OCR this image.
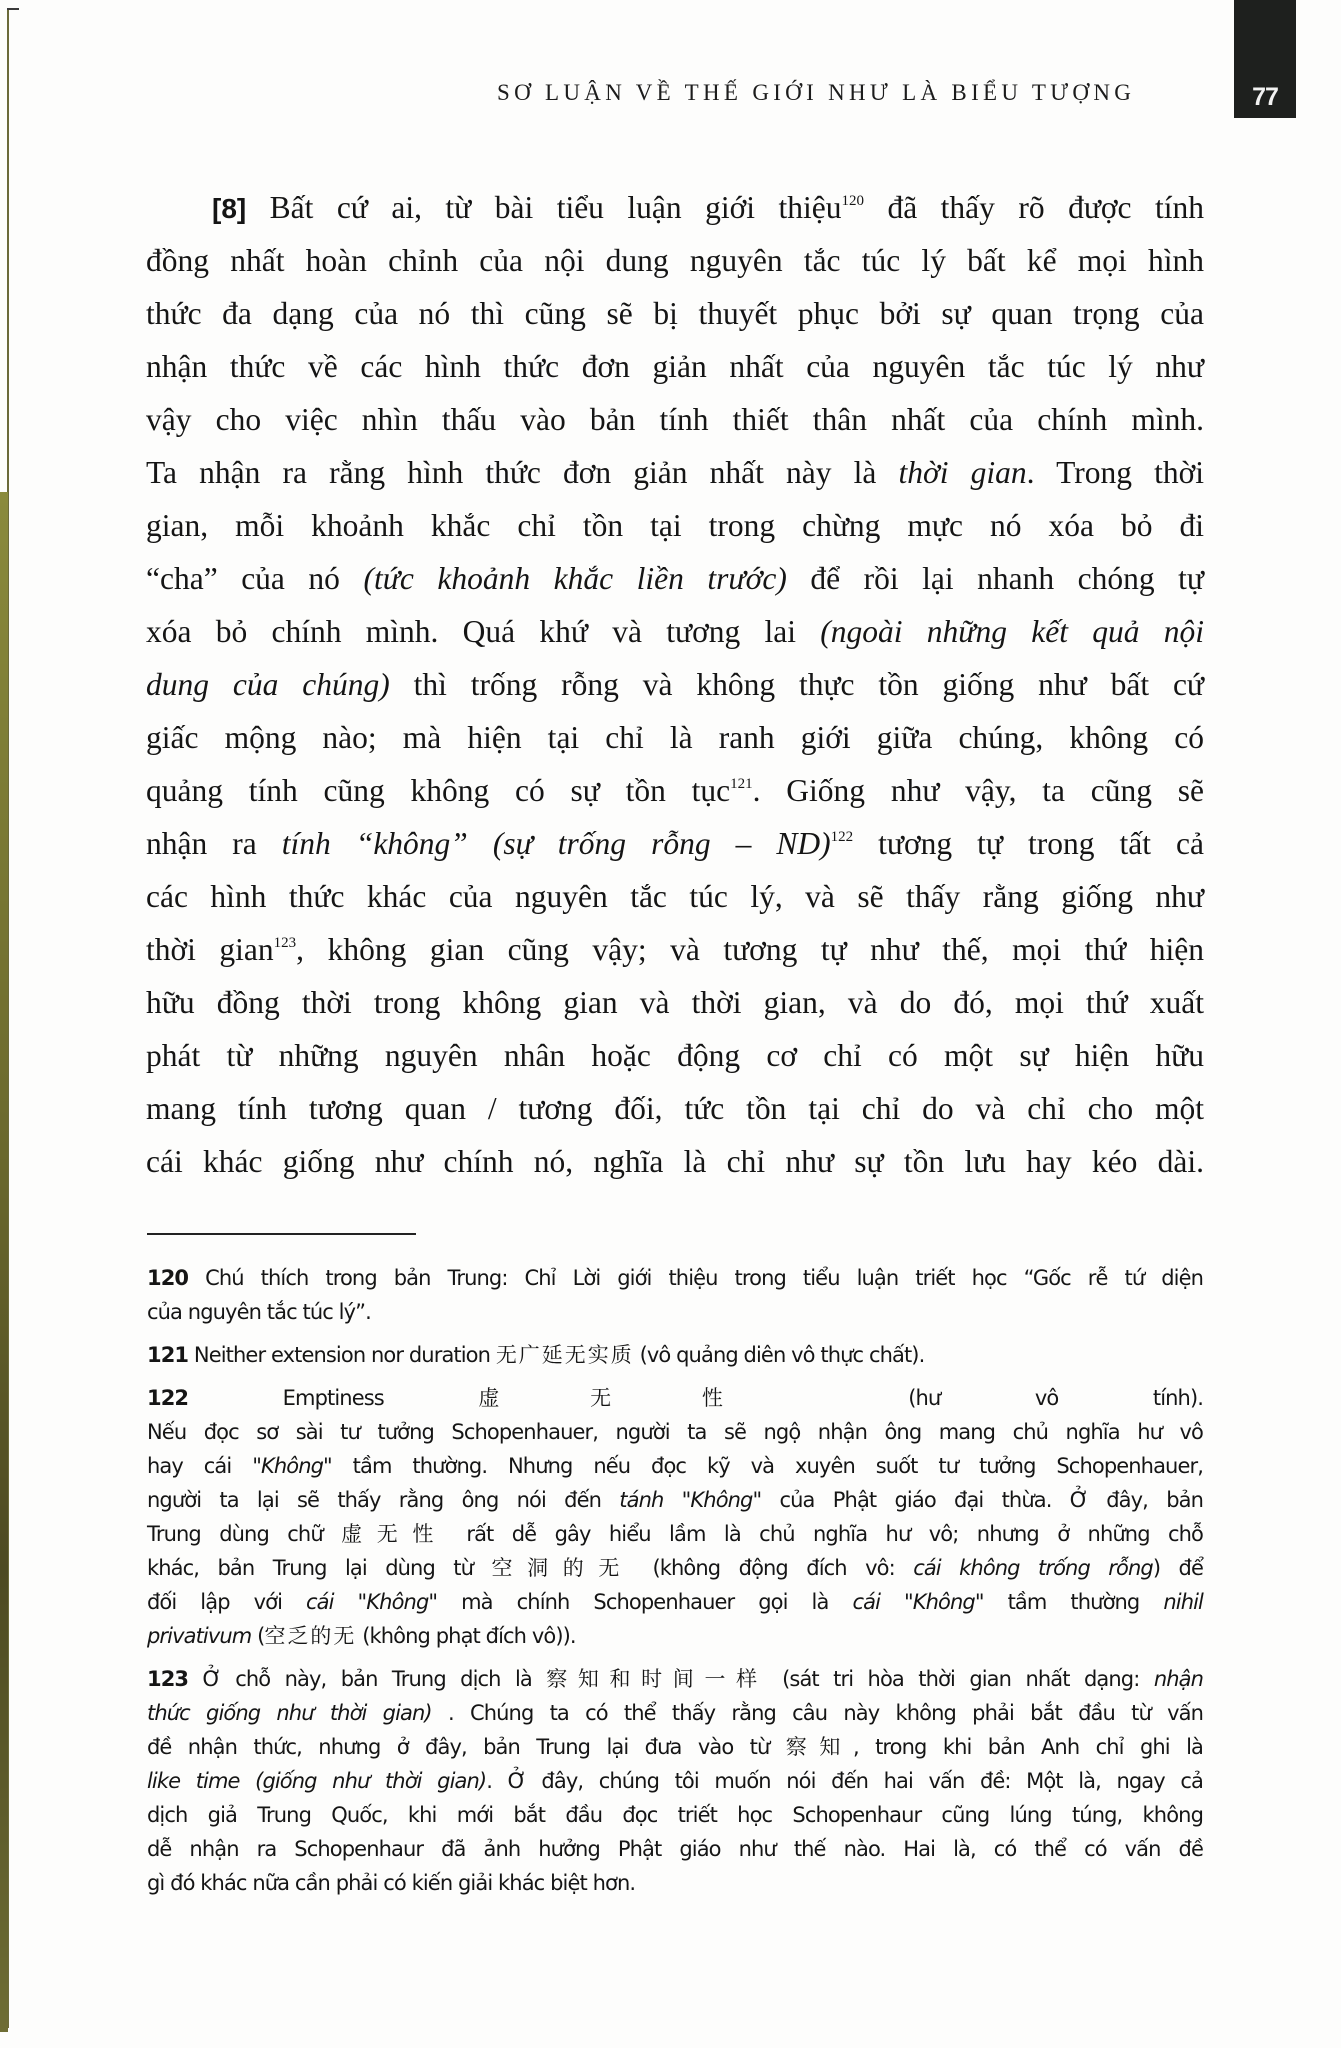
SƠ LUẬN VỀ THẾ GIỚI NHƯ LÀ BIỂU TƯỢNG	77
[8] Bất cứ ai, từ bài tiểu luận giới thiệu$^{120}$ đã thấy rõ được tính
đồng nhất hoàn chỉnh của nội dung nguyên tắc túc lý bất kể mọi hình
thức đa dạng của nó thì cũng sẽ bị thuyết phục bởi sự quan trọng của
nhận thức về các hình thức đơn giản nhất của nguyên tắc túc lý như
vậy cho việc nhìn thấu vào bản tính thiết thân nhất của chính mình.
Ta nhận ra rằng hình thức đơn giản nhất này là thời gian. Trong thời
gian, mỗi khoảnh khắc chỉ tồn tại trong chừng mực nó xóa bỏ đi
“cha” của nó (tức khoảnh khắc liền trước) để rồi lại nhanh chóng tự
xóa bỏ chính mình. Quá khứ và tương lai (ngoài những kết quả nội
dung của chúng) thì trống rỗng và không thực tồn giống như bất cứ
giấc mộng nào; mà hiện tại chỉ là ranh giới giữa chúng, không có
quảng tính cũng không có sự tồn tục$^{121}$. Giống như vậy, ta cũng sẽ
nhận ra tính “không” (sự trống rỗng – ND)$^{122}$ tương tự trong tất cả
các hình thức khác của nguyên tắc túc lý, và sẽ thấy rằng giống như
thời gian$^{123}$, không gian cũng vậy; và tương tự như thế, mọi thứ hiện
hữu đồng thời trong không gian và thời gian, và do đó, mọi thứ xuất
phát từ những nguyên nhân hoặc động cơ chỉ có một sự hiện hữu
mang tính tương quan / tương đối, tức tồn tại chỉ do và chỉ cho một
cái khác giống như chính nó, nghĩa là chỉ như sự tồn lưu hay kéo dài.
120 Chú thích trong bản Trung: Chỉ Lời giới thiệu trong tiểu luận triết học “Gốc rễ tứ diện
của nguyên tắc túc lý”.
121 Neither extension nor duration 无广延无实质 (vô quảng diên vô thực chất).
122 Emptiness 虚无性 (hư vô tính).
Nếu đọc sơ sài tư tưởng Schopenhauer, người ta sẽ ngộ nhận ông mang chủ nghĩa hư vô
hay cái "Không" tầm thường. Nhưng nếu đọc kỹ và xuyên suốt tư tưởng Schopenhauer,
người ta lại sẽ thấy rằng ông nói đến tánh "Không" của Phật giáo đại thừa. Ở đây, bản
Trung dùng chữ 虚无性 rất dễ gây hiểu lầm là chủ nghĩa hư vô; nhưng ở những chỗ
khác, bản Trung lại dùng từ 空洞的无 (không động đích vô: cái không trống rỗng) để
đối lập với cái "Không" mà chính Schopenhauer gọi là cái "Không" tầm thường nihil
privativum (空乏的无 (không phạt đích vô)).
123 Ở chỗ này, bản Trung dịch là 察知和时间一样 (sát tri hòa thời gian nhất dạng: nhận
thức giống như thời gian) . Chúng ta có thể thấy rằng câu này không phải bắt đầu từ vấn
đề nhận thức, nhưng ở đây, bản Trung lại đưa vào từ 察知, trong khi bản Anh chỉ ghi là
like time (giống như thời gian). Ở đây, chúng tôi muốn nói đến hai vấn đề: Một là, ngay cả
dịch giả Trung Quốc, khi mới bắt đầu đọc triết học Schopenhaur cũng lúng túng, không
dễ nhận ra Schopenhaur đã ảnh hưởng Phật giáo như thế nào. Hai là, có thể có vấn đề
gì đó khác nữa cần phải có kiến giải khác biệt hơn.
